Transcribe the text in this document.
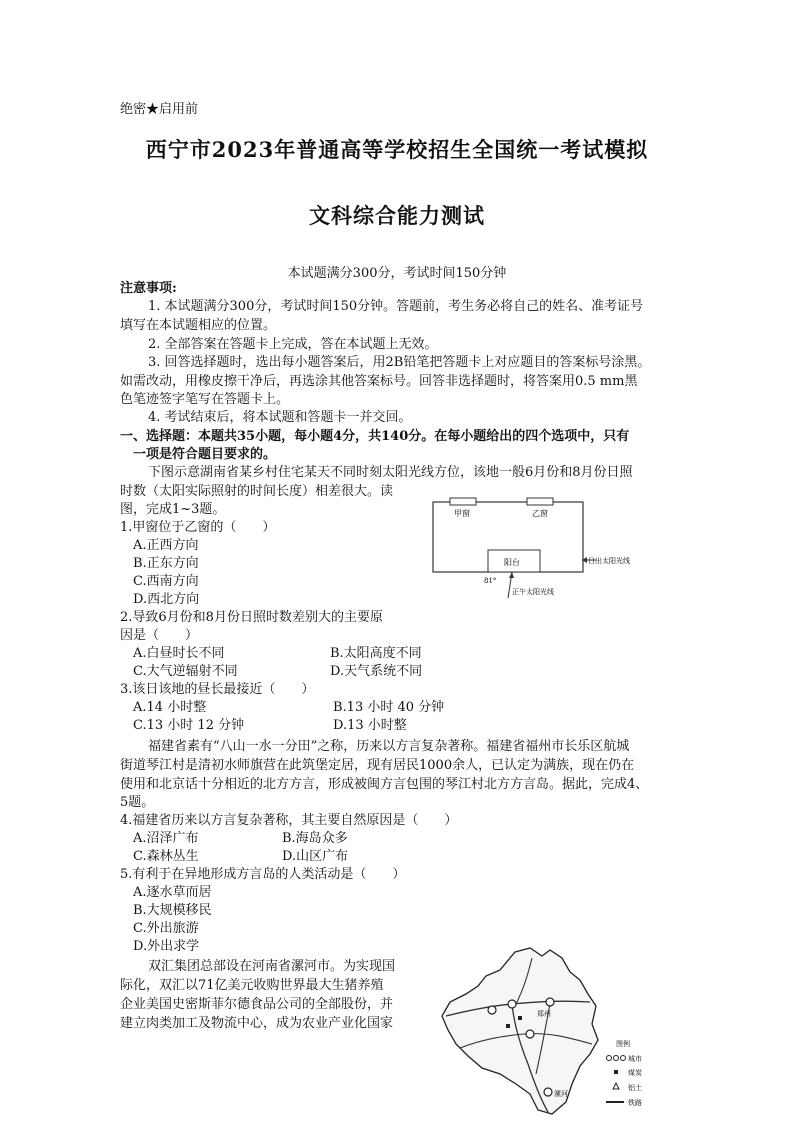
绝密★启用前
西宁市2023年普通高等学校招生全国统一考试模拟
文科综合能力测试
本试题满分300分，考试时间150分钟
注意事项:
1. 本试题满分300分，考试时间150分钟。答题前，考生务必将自己的姓名、准考证号
填写在本试题相应的位置。
2. 全部答案在答题卡上完成，答在本试题上无效。
3. 回答选择题时，选出每小题答案后，用2B铅笔把答题卡上对应题目的答案标号涂黑。
如需改动，用橡皮擦干净后，再选涂其他答案标号。回答非选择题时，将答案用0.5 mm黑
色笔迹签字笔写在答题卡上。
4. 考试结束后，将本试题和答题卡一并交回。
一、选择题：本题共35小题，每小题4分，共140分。在每小题给出的四个选项中，只有
一项是符合题目要求的。
下图示意湖南省某乡村住宅某天不同时刻太阳光线方位，该地一般6月份和8月份日照
时数（太阳实际照射的时间长度）相差很大。读
图，完成1~3题。	甲窗	乙窗
阳台	日出太阳光线
81°
正午太阳光线
1.甲窗位于乙窗的（　　）
A.正西方向
B.正东方向
C.西南方向
D.西北方向
2.导致6月份和8月份日照时数差别大的主要原
因是（　　）
A.白昼时长不同	B.太阳高度不同
C.大气逆辐射不同	D.天气系统不同
3.该日该地的昼长最接近（　　）
A.14 小时整	B.13 小时 40 分钟
C.13 小时 12 分钟	D.13 小时整
福建省素有“八山一水一分田”之称，历来以方言复杂著称。福建省福州市长乐区航城
街道琴江村是清初水师旗营在此筑堡定居，现有居民1000余人，已认定为满族，现在仍在
使用和北京话十分相近的北方方言，形成被闽方言包围的琴江村北方方言岛。据此，完成4、
5题。
4.福建省历来以方言复杂著称，其主要自然原因是（　　）
A.沼泽广布	B.海岛众多
C.森林丛生	D.山区广布
5.有利于在异地形成方言岛的人类活动是（　　）
A.逐水草而居
B.大规模移民
C.外出旅游
D.外出求学
双汇集团总部设在河南省漯河市。为实现国
际化，双汇以71亿美元收购世界最大生猪养殖
企业美国史密斯菲尔德食品公司的全部股份，并
建立肉类加工及物流中心，成为农业产业化国家
郑州
漯河
图例
城市
煤炭
铝土
铁路
